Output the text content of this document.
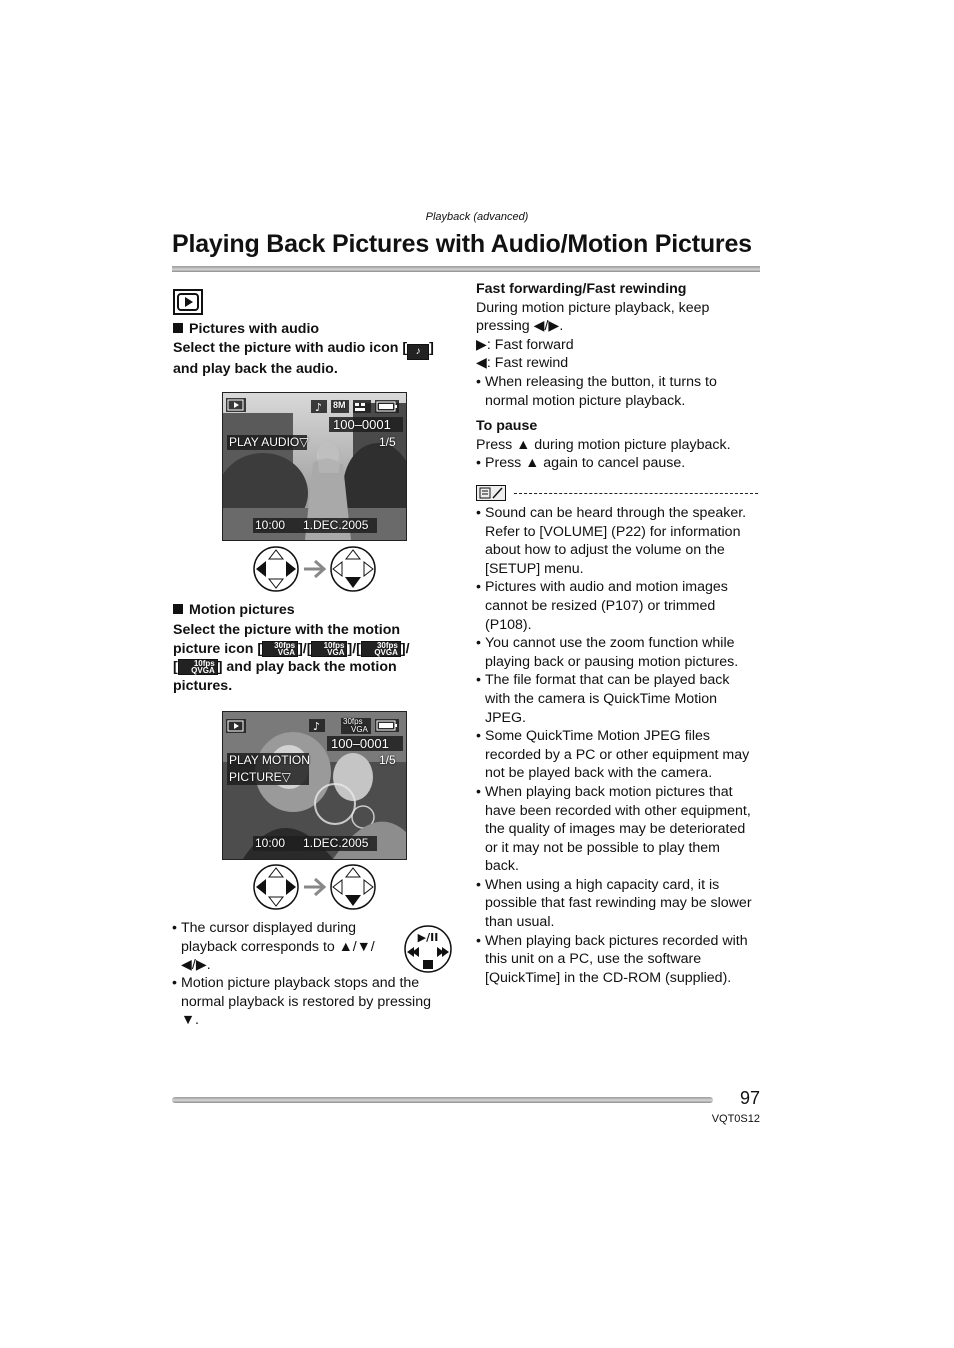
Playback (advanced)
Playing Back Pictures with Audio/Motion Pictures
Pictures with audio
Select the picture with audio icon [ ♪ ]
and play back the audio.
♪ 8M
100–0001
PLAY AUDIO▽	1/5
10:00 1.DEC.2005
Motion pictures
Select the picture with the motion
picture icon [ 30fps
VGA ]/[ 10fps
VGA ]/[ 30fps
QVGA ]/
[ 10fps
QVGA ] and play back the motion
pictures.
♪	30fps
VGA
100–0001
PLAY MOTION
PICTURE▽
1/5
10:00 1.DEC.2005
• The cursor displayed during
playback corresponds to ▲/▼/
◀/▶.
▶/II
• Motion picture playback stops and the
normal playback is restored by pressing
▼.
Fast forwarding/Fast rewinding
During motion picture playback, keep
pressing ◀/▶.
▶: Fast forward
◀: Fast rewind
• When releasing the button, it turns to
normal motion picture playback.
To pause
Press ▲ during motion picture playback.
• Press ▲ again to cancel pause.
• Sound can be heard through the speaker.
Refer to [VOLUME] (P22) for information
about how to adjust the volume on the
[SETUP] menu.
• Pictures with audio and motion images
cannot be resized (P107) or trimmed
(P108).
• You cannot use the zoom function while
playing back or pausing motion pictures.
• The file format that can be played back
with the camera is QuickTime Motion
JPEG.
• Some QuickTime Motion JPEG files
recorded by a PC or other equipment may
not be played back with the camera.
• When playing back motion pictures that
have been recorded with other equipment,
the quality of images may be deteriorated
or it may not be possible to play them
back.
• When using a high capacity card, it is
possible that fast rewinding may be slower
than usual.
• When playing back pictures recorded with
this unit on a PC, use the software
[QuickTime] in the CD-ROM (supplied).
97
VQT0S12
